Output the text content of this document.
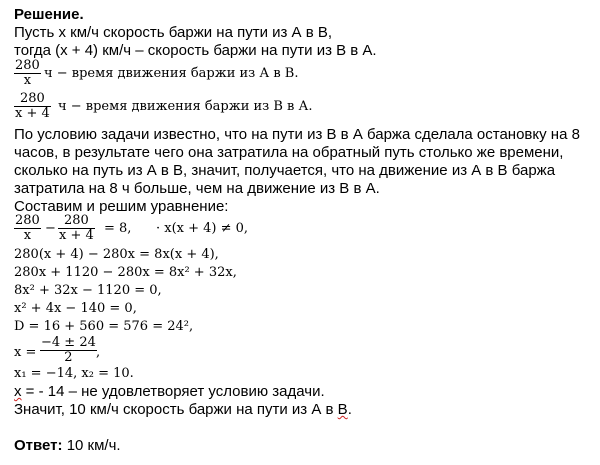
Решение.
Пусть х км/ч скорость баржи на пути из А в В,
тогда (х + 4) км/ч – скорость баржи на пути из В в А.
$\frac{280}{x}$ ч − время движения баржи из А в В.
$\frac{280}{x + 4}$ ч − время движения баржи из В в А.
По условию задачи известно, что на пути из В в А баржа сделала остановку на 8
часов, в результате чего она затратила на обратный путь столько же времени,
сколько на путь из А в В, значит, получается, что на движение из А в В баржа
затратила на 8 ч больше, чем на движение из В в А.
Составим и решим уравнение:
$\frac{280}{x} - \frac{280}{x + 4} = 8$, · x(x + 4) ≠ 0,
280(x + 4) − 280x = 8x(x + 4),
280x + 1120 − 280x = 8x² + 32x,
8x² + 32x − 1120 = 0,
x² + 4x − 140 = 0,
D = 16 + 560 = 576 = 24²,
$x = \frac{-4 \pm 24}{2}$ ,
x₁ = −14, x₂ = 10.
х = - 14 – не удовлетворяет условию задачи.
Значит, 10 км/ч скорость баржи на пути из А в В.
Ответ: 10 км/ч.
